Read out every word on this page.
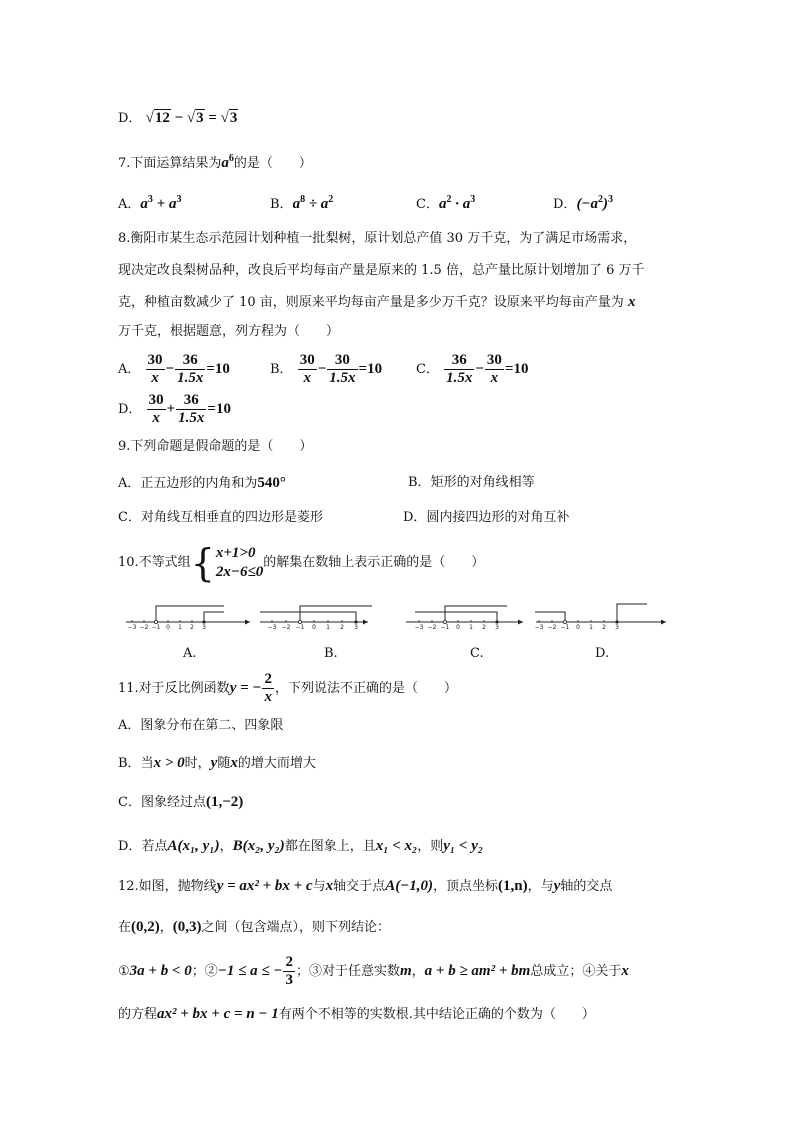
D． √12 − √3 = √3
7.下面运算结果为$a^6$的是（　　）
A．$a^3 + a^3$	B．$a^8 \div a^2$	C．$a^2 \cdot a^3$	D．$(-a^2)^3$
8.衡阳市某生态示范园计划种植一批梨树，原计划总产值 30 万千克，为了满足市场需求，
现决定改良梨树品种，改良后平均每亩产量是原来的 1.5 倍，总产量比原计划增加了 6 万千
克，种植亩数减少了 10 亩，则原来平均每亩产量是多少万千克？设原来平均每亩产量为 x
万千克，根据题意，列方程为（　　）
A． $\frac{30}{x} - \frac{36}{1.5x} =10$	B． $\frac{30}{x} - \frac{30}{1.5x} =10$	C． $\frac{36}{1.5x} - \frac{30}{x} =10$
D． $\frac{30}{x} + \frac{36}{1.5x} =10$
9.下列命题是假命题的是（　　）
A．正五边形的内角和为540°	B．矩形的对角线相等
C．对角线互相垂直的四边形是菱形	D．圆内接四边形的对角互补
10.不等式组{ x+1>0
2x−6≤0
的解集在数轴上表示正确的是（　　）
−3 −2 −1 0 1 2 3	−3 −2 −1 0 1 2 3	−3 −2 −1 0 1 2 3	−3 −2 −1 0 1 2 3
A.	B.	C.	D.
11.对于反比例函数y = − $\frac{2}{x}$ ，下列说法不正确的是（　　）
A．图象分布在第二、四象限
B．当x > 0时，y随x的增大而增大
C．图象经过点(1,−2)
D．若点A(x₁, y₁)，B(x₂, y₂)都在图象上，且x₁ < x₂，则y₁ < y₂
12.如图，抛物线y = ax² + bx + c与x轴交于点A(−1,0)，顶点坐标(1,n)，与y轴的交点
在(0,2)，(0,3)之间（包含端点），则下列结论：
①3a + b < 0；②−1 ≤ a ≤ − $\frac{2}{3}$ ；③对于任意实数m，a + b ≥ am² + bm总成立；④关于x
的方程ax² + bx + c = n − 1有两个不相等的实数根.其中结论正确的个数为（　　）
